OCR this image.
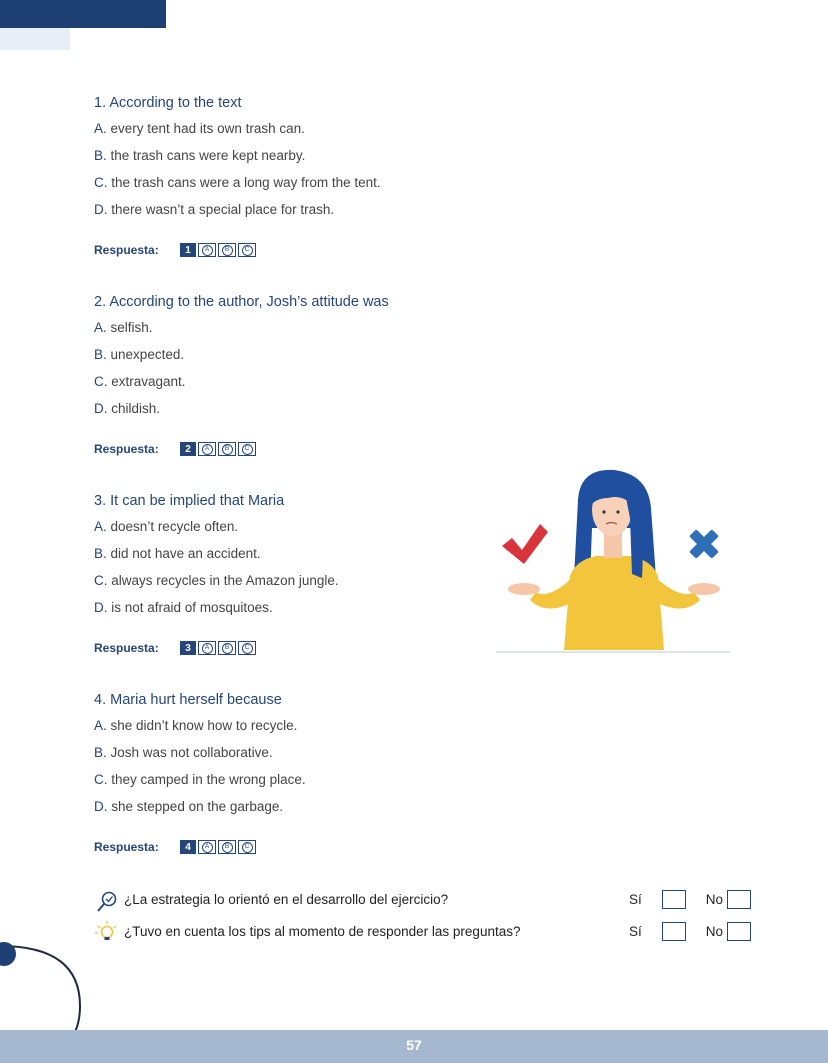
1. According to the text
A. every tent had its own trash can.
B. the trash cans were kept nearby.
C. the trash cans were a long way from the tent.
D. there wasn’t a special place for trash.
Respuesta:	1	A	B	C
2. According to the author, Josh’s attitude was
A. selfish.
B. unexpected.
C. extravagant.
D. childish.
Respuesta:	2	A	B	C
3. It can be implied that Maria
A. doesn’t recycle often.
B. did not have an accident.
C. always recycles in the Amazon jungle.
D. is not afraid of mosquitoes.
Respuesta:	3	A	B	C
4. Maria hurt herself because
A. she didn’t know how to recycle.
B. Josh was not collaborative.
C. they camped in the wrong place.
D. she stepped on the garbage.
Respuesta:	4	A	B	C
¿La estrategia lo orientó en el desarrollo del ejercicio?	Sí	No
¿Tuvo en cuenta los tips al momento de responder las preguntas?	Sí	No
57
